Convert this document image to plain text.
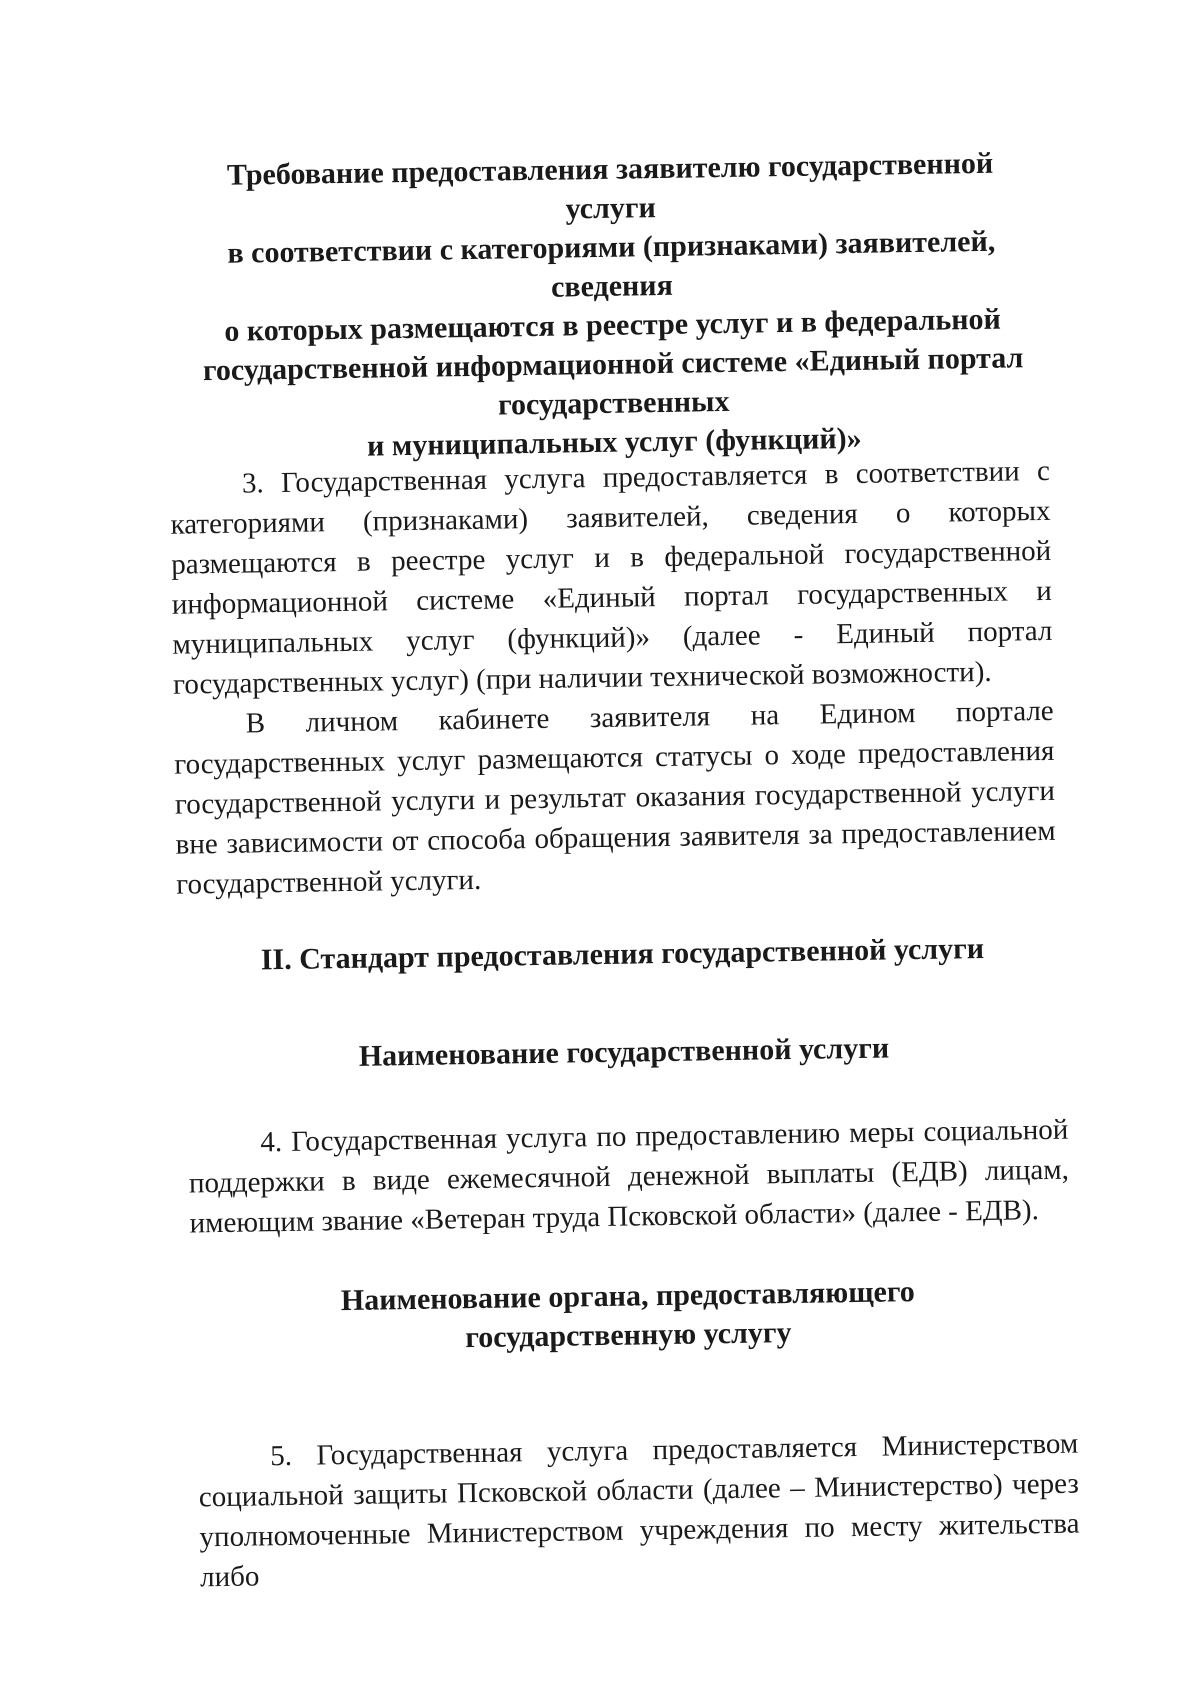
Требование предоставления заявителю государственной услуги
в соответствии с категориями (признаками) заявителей, сведения
о которых размещаются в реестре услуг и в федеральной
государственной информационной системе «Единый портал
государственных
и муниципальных услуг (функций)»

3. Государственная услуга предоставляется в соответствии с категориями (признаками) заявителей, сведения о которых размещаются в реестре услуг и в федеральной государственной информационной системе «Единый портал государственных и муниципальных услуг (функций)» (далее - Единый портал государственных услуг) (при наличии технической возможности).

В личном кабинете заявителя на Едином портале государственных услуг размещаются статусы о ходе предоставления государственной услуги и результат оказания государственной услуги вне зависимости от способа обращения заявителя за предоставлением государственной услуги.

II. Стандарт предоставления государственной услуги
Наименование государственной услуги

4. Государственная услуга по предоставлению меры социальной поддержки в виде ежемесячной денежной выплаты (ЕДВ) лицам, имеющим звание «Ветеран труда Псковской области» (далее - ЕДВ).

Наименование органа, предоставляющего
государственную услугу

5. Государственная услуга предоставляется Министерством социальной защиты Псковской области (далее – Министерство) через уполномоченные Министерством учреждения по месту жительства либо
